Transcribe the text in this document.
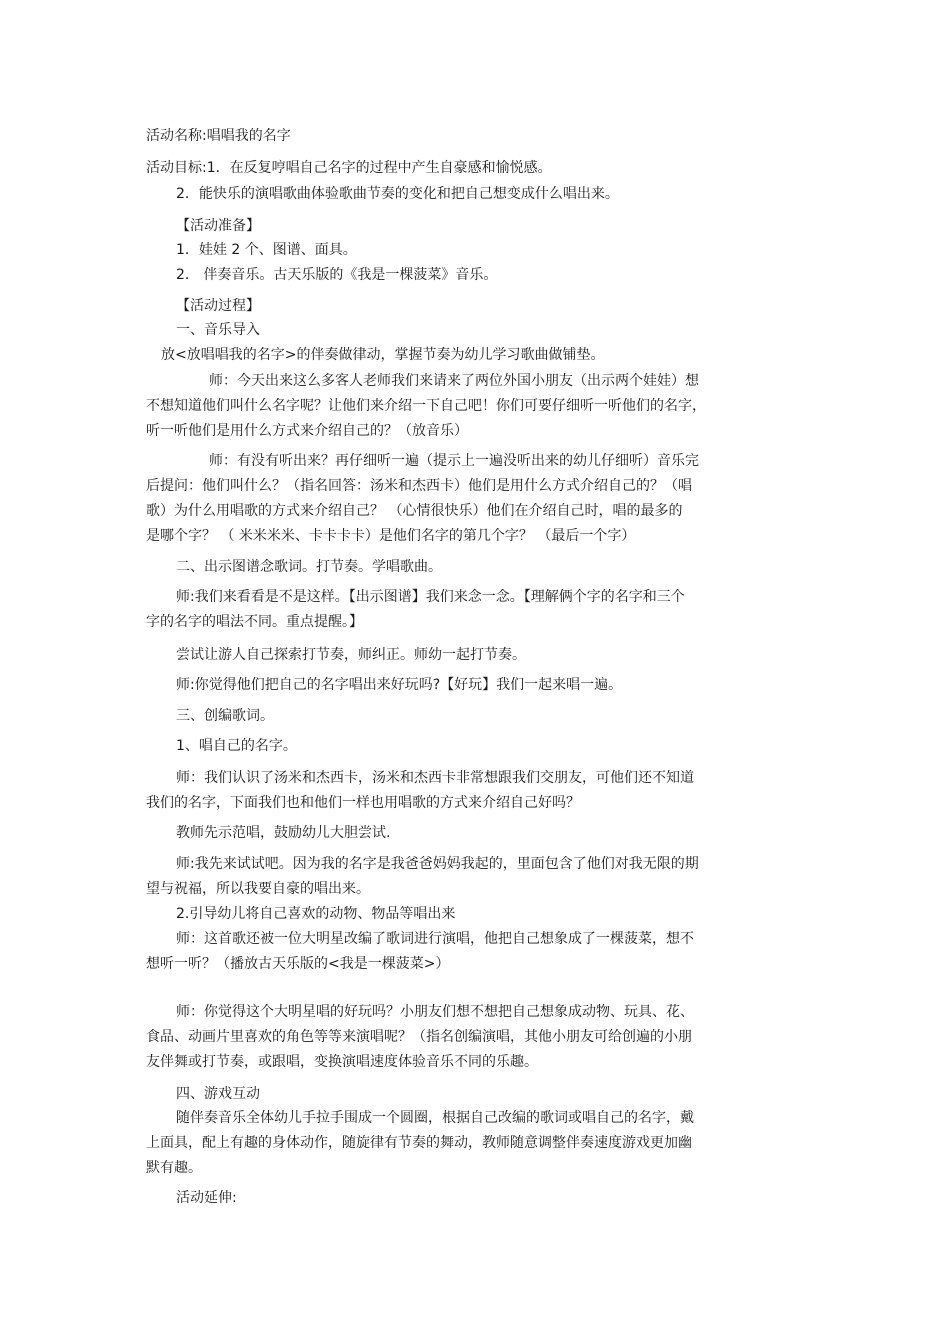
活动名称:唱唱我的名字
活动目标:1．在反复哼唱自己名字的过程中产生自豪感和愉悦感。
2．能快乐的演唱歌曲体验歌曲节奏的变化和把自己想变成什么唱出来。
【活动准备】
1．娃娃 2 个、图谱、面具。
2． 伴奏音乐。古天乐版的《我是一棵菠菜》音乐。
【活动过程】
一、音乐导入
放<放唱唱我的名字>的伴奏做律动，掌握节奏为幼儿学习歌曲做铺垫。
师：今天出来这么多客人老师我们来请来了两位外国小朋友（出示两个娃娃）想
不想知道他们叫什么名字呢？让他们来介绍一下自己吧！你们可要仔细听一听他们的名字，
听一听他们是用什么方式来介绍自己的？（放音乐）
师：有没有听出来？再仔细听一遍（提示上一遍没听出来的幼儿仔细听）音乐完
后提问：他们叫什么？（指名回答：汤米和杰西卡）他们是用什么方式介绍自己的？（唱
歌）为什么用唱歌的方式来介绍自己？ （心情很快乐）他们在介绍自己时，唱的最多的
是哪个字？ （ 米米米米、卡卡卡卡）是他们名字的第几个字？ （最后一个字）
二、出示图谱念歌词。打节奏。学唱歌曲。
师:我们来看看是不是这样。【出示图谱】我们来念一念。【理解俩个字的名字和三个
字的名字的唱法不同。重点提醒。】
尝试让游人自己探索打节奏，师纠正。师幼一起打节奏。
师:你觉得他们把自己的名字唱出来好玩吗?【好玩】我们一起来唱一遍。
三、创编歌词。
1、唱自己的名字。
师：我们认识了汤米和杰西卡，汤米和杰西卡非常想跟我们交朋友，可他们还不知道
我们的名字，下面我们也和他们一样也用唱歌的方式来介绍自己好吗？
教师先示范唱，鼓励幼儿大胆尝试.
师:我先来试试吧。因为我的名字是我爸爸妈妈我起的，里面包含了他们对我无限的期
望与祝福，所以我要自豪的唱出来。
2.引导幼儿将自己喜欢的动物、物品等唱出来
师：这首歌还被一位大明星改编了歌词进行演唱，他把自己想象成了一棵菠菜，想不
想听一听？（播放古天乐版的<我是一棵菠菜>）
师：你觉得这个大明星唱的好玩吗？小朋友们想不想把自己想象成动物、玩具、花、
食品、动画片里喜欢的角色等等来演唱呢？（指名创编演唱，其他小朋友可给创遍的小朋
友伴舞或打节奏，或跟唱，变换演唱速度体验音乐不同的乐趣。
四、游戏互动
随伴奏音乐全体幼儿手拉手围成一个圆圈，根据自己改编的歌词或唱自己的名字，戴
上面具，配上有趣的身体动作，随旋律有节奏的舞动，教师随意调整伴奏速度游戏更加幽
默有趣。
活动延伸:
